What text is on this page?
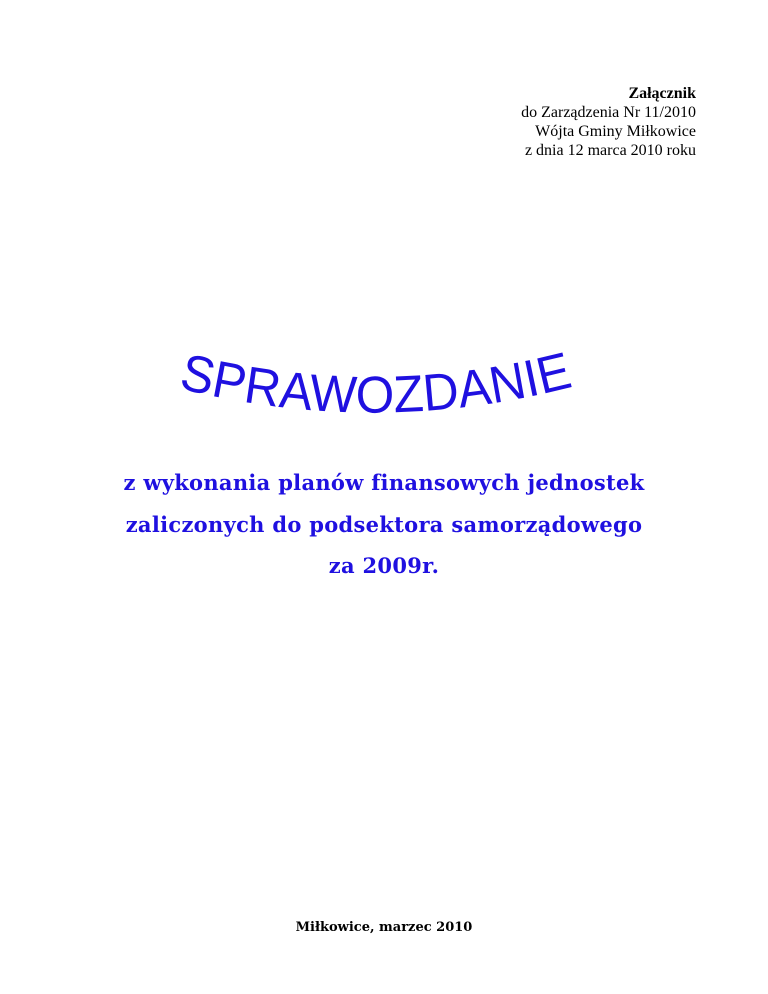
Załącznik
do Zarządzenia Nr 11/2010
Wójta Gminy Miłkowice
z dnia 12 marca 2010 roku
SPRAWOZDANIE
z wykonania planów finansowych jednostek
zaliczonych do podsektora samorządowego
za 2009r.
Miłkowice, marzec 2010
